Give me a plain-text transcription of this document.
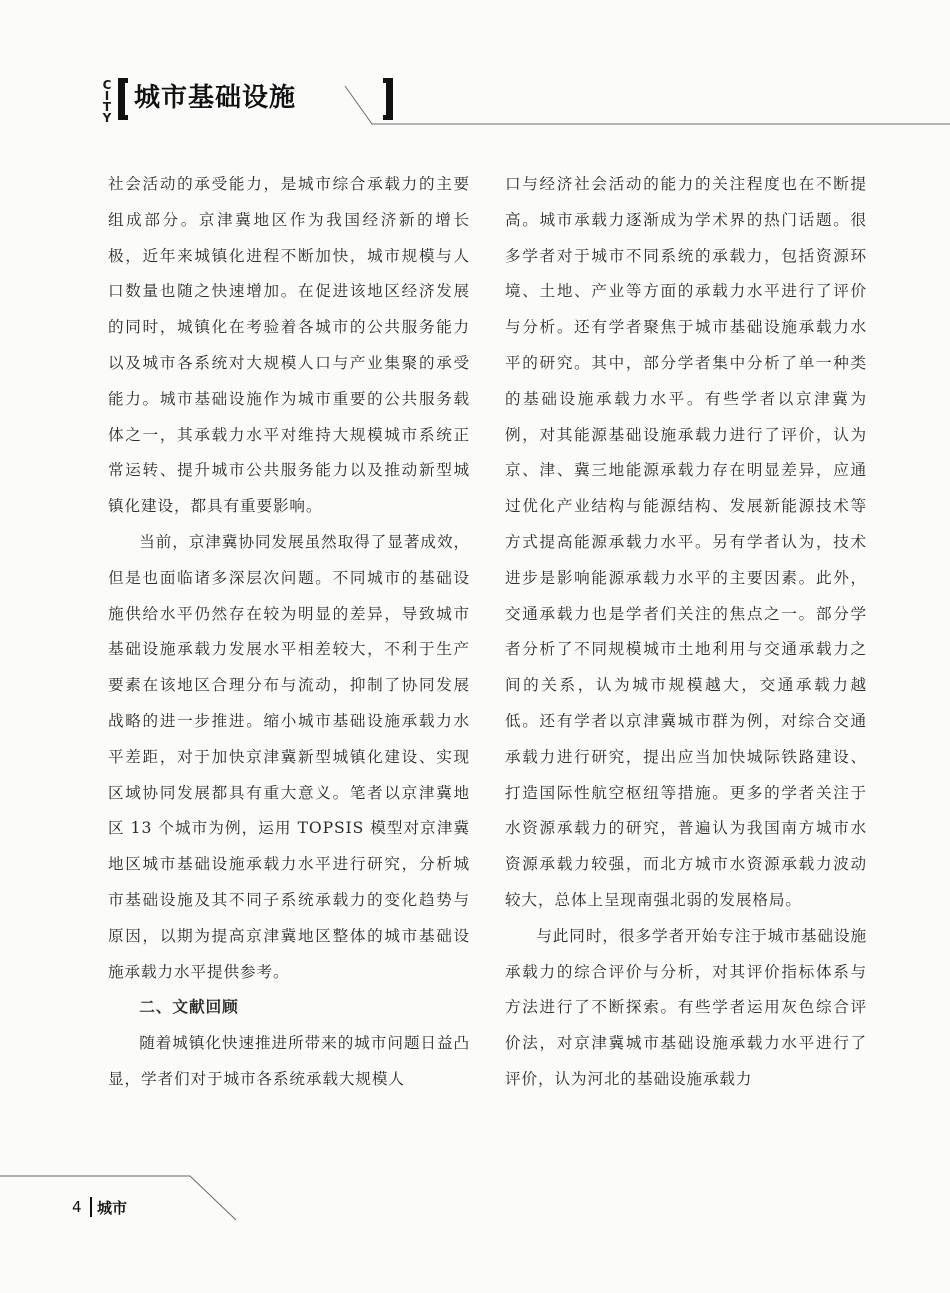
C
I
T
Y
城市基础设施

社会活动的承受能力，是城市综合承载力的主要组成部分。京津冀地区作为我国经济新的增长极，近年来城镇化进程不断加快，城市规模与人口数量也随之快速增加。在促进该地区经济发展的同时，城镇化在考验着各城市的公共服务能力以及城市各系统对大规模人口与产业集聚的承受能力。城市基础设施作为城市重要的公共服务载体之一，其承载力水平对维持大规模城市系统正常运转、提升城市公共服务能力以及推动新型城镇化建设，都具有重要影响。

当前，京津冀协同发展虽然取得了显著成效，但是也面临诸多深层次问题。不同城市的基础设施供给水平仍然存在较为明显的差异，导致城市基础设施承载力发展水平相差较大，不利于生产要素在该地区合理分布与流动，抑制了协同发展战略的进一步推进。缩小城市基础设施承载力水平差距，对于加快京津冀新型城镇化建设、实现区域协同发展都具有重大意义。笔者以京津冀地区 13 个城市为例，运用 TOPSIS 模型对京津冀地区城市基础设施承载力水平进行研究，分析城市基础设施及其不同子系统承载力的变化趋势与原因，以期为提高京津冀地区整体的城市基础设施承载力水平提供参考。

二、文献回顾

随着城镇化快速推进所带来的城市问题日益凸显，学者们对于城市各系统承载大规模人

口与经济社会活动的能力的关注程度也在不断提高。城市承载力逐渐成为学术界的热门话题。很多学者对于城市不同系统的承载力，包括资源环境、土地、产业等方面的承载力水平进行了评价与分析。还有学者聚焦于城市基础设施承载力水平的研究。其中，部分学者集中分析了单一种类的基础设施承载力水平。有些学者以京津冀为例，对其能源基础设施承载力进行了评价，认为京、津、冀三地能源承载力存在明显差异，应通过优化产业结构与能源结构、发展新能源技术等方式提高能源承载力水平。另有学者认为，技术进步是影响能源承载力水平的主要因素。此外，交通承载力也是学者们关注的焦点之一。部分学者分析了不同规模城市土地利用与交通承载力之间的关系，认为城市规模越大，交通承载力越低。还有学者以京津冀城市群为例，对综合交通承载力进行研究，提出应当加快城际铁路建设、打造国际性航空枢纽等措施。更多的学者关注于水资源承载力的研究，普遍认为我国南方城市水资源承载力较强，而北方城市水资源承载力波动较大，总体上呈现南强北弱的发展格局。

与此同时，很多学者开始专注于城市基础设施承载力的综合评价与分析，对其评价指标体系与方法进行了不断探索。有些学者运用灰色综合评价法，对京津冀城市基础设施承载力水平进行了评价，认为河北的基础设施承载力

4 城市
